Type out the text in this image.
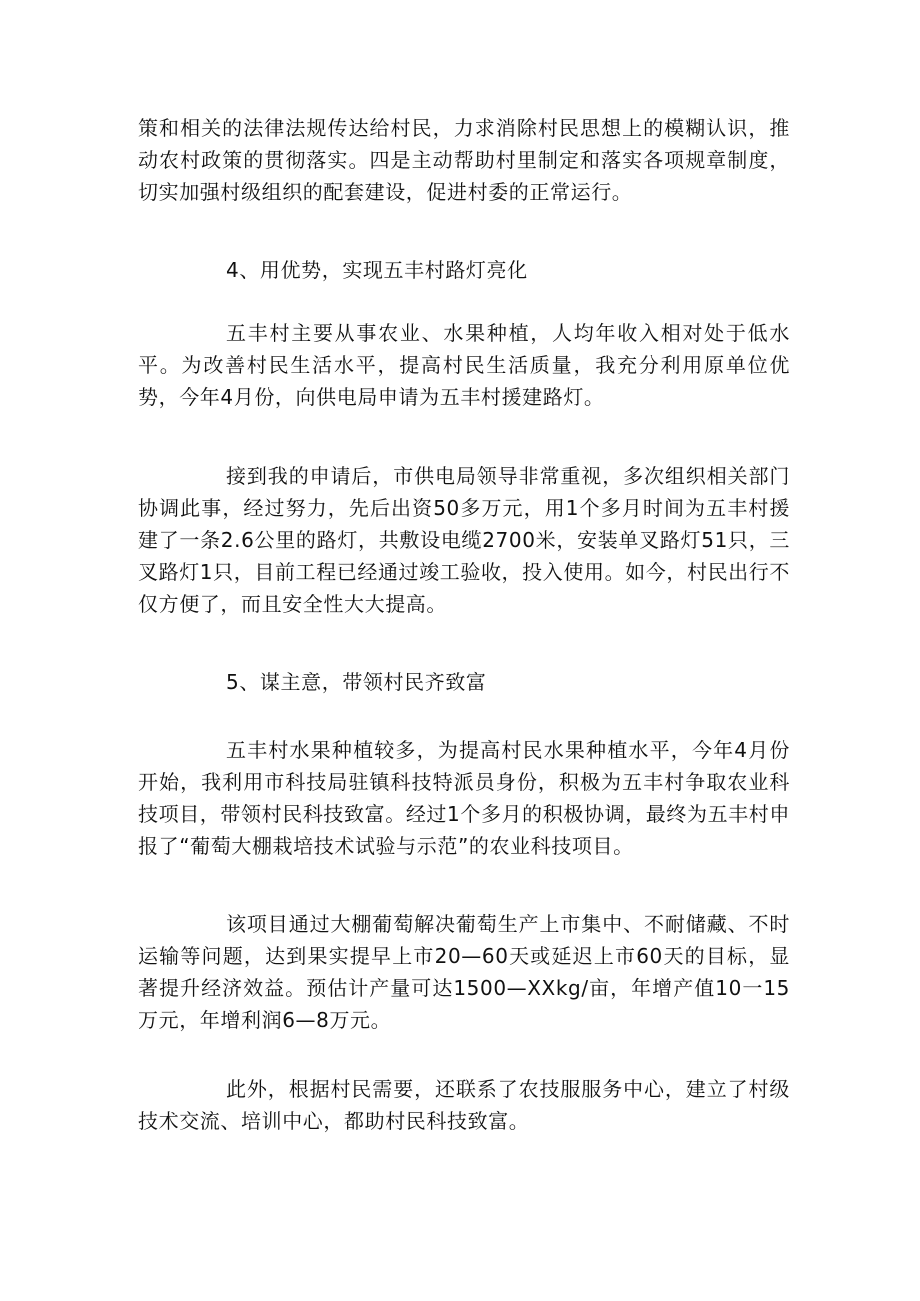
策和相关的法律法规传达给村民，力求消除村民思想上的模糊认识，推动农村政策的贯彻落实。四是主动帮助村里制定和落实各项规章制度，切实加强村级组织的配套建设，促进村委的正常运行。

4、用优势，实现五丰村路灯亮化

五丰村主要从事农业、水果种植，人均年收入相对处于低水平。为改善村民生活水平，提高村民生活质量，我充分利用原单位优势，今年4月份，向供电局申请为五丰村援建路灯。

接到我的申请后，市供电局领导非常重视，多次组织相关部门协调此事，经过努力，先后出资50多万元，用1个多月时间为五丰村援建了一条2.6公里的路灯，共敷设电缆2700米，安装单叉路灯51只，三叉路灯1只，目前工程已经通过竣工验收，投入使用。如今，村民出行不仅方便了，而且安全性大大提高。

5、谋主意，带领村民齐致富

五丰村水果种植较多，为提高村民水果种植水平，今年4月份开始，我利用市科技局驻镇科技特派员身份，积极为五丰村争取农业科技项目，带领村民科技致富。经过1个多月的积极协调，最终为五丰村申报了“葡萄大棚栽培技术试验与示范”的农业科技项目。

该项目通过大棚葡萄解决葡萄生产上市集中、不耐储藏、不时运输等问题，达到果实提早上市20—60天或延迟上市60天的目标，显著提升经济效益。预估计产量可达1500—XXkg/亩，年增产值10一15万元，年增利润6—8万元。

此外，根据村民需要，还联系了农技服服务中心，建立了村级技术交流、培训中心，都助村民科技致富。
